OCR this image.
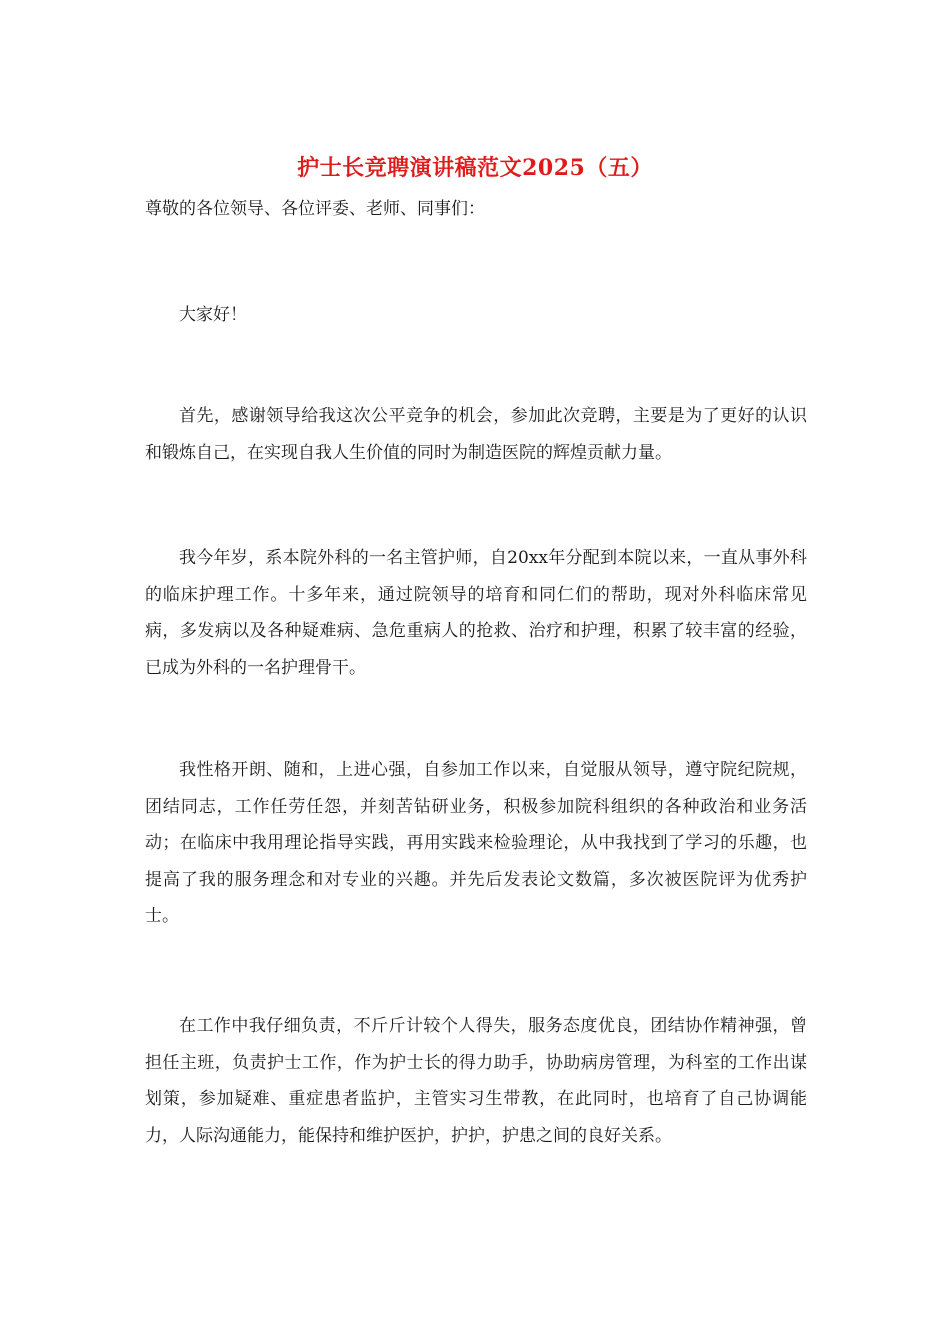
护士长竞聘演讲稿范文2025（五）
尊敬的各位领导、各位评委、老师、同事们：

大家好！

首先，感谢领导给我这次公平竞争的机会，参加此次竞聘，主要是为了更好的认识和锻炼自己，在实现自我人生价值的同时为制造医院的辉煌贡献力量。

我今年岁，系本院外科的一名主管护师，自20xx年分配到本院以来，一直从事外科的临床护理工作。十多年来，通过院领导的培育和同仁们的帮助，现对外科临床常见病，多发病以及各种疑难病、急危重病人的抢救、治疗和护理，积累了较丰富的经验，已成为外科的一名护理骨干。

我性格开朗、随和，上进心强，自参加工作以来，自觉服从领导，遵守院纪院规，团结同志，工作任劳任怨，并刻苦钻研业务，积极参加院科组织的各种政治和业务活动；在临床中我用理论指导实践，再用实践来检验理论，从中我找到了学习的乐趣，也提高了我的服务理念和对专业的兴趣。并先后发表论文数篇，多次被医院评为优秀护士。

在工作中我仔细负责，不斤斤计较个人得失，服务态度优良，团结协作精神强，曾担任主班，负责护士工作，作为护士长的得力助手，协助病房管理，为科室的工作出谋划策，参加疑难、重症患者监护，主管实习生带教，在此同时，也培育了自己协调能力，人际沟通能力，能保持和维护医护，护护，护患之间的良好关系。
